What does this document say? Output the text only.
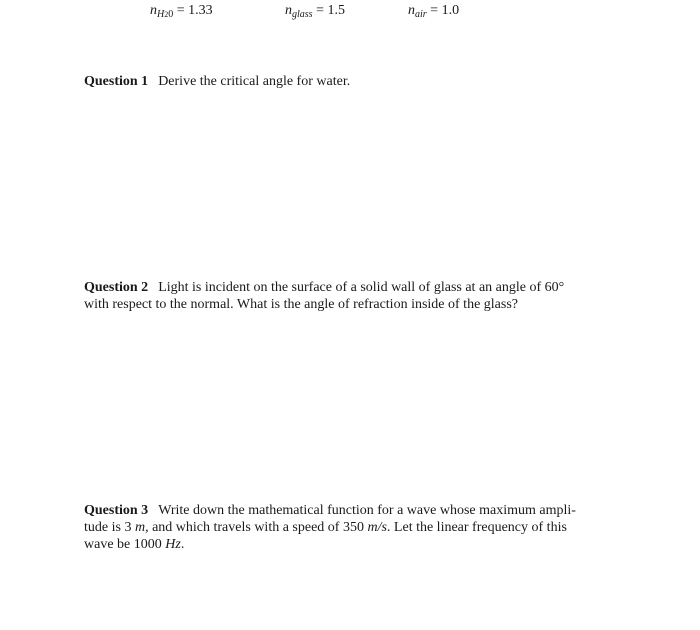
$n_{H20} = 1.33$	$n_{glass} = 1.5$	$n_{air} = 1.0$
Question 1 Derive the critical angle for water.
Question 2 Light is incident on the surface of a solid wall of glass at an angle of 60°
with respect to the normal. What is the angle of refraction inside of the glass?
Question 3 Write down the mathematical function for a wave whose maximum ampli-
tude is 3 m, and which travels with a speed of 350 m/s. Let the linear frequency of this
wave be 1000 Hz.
